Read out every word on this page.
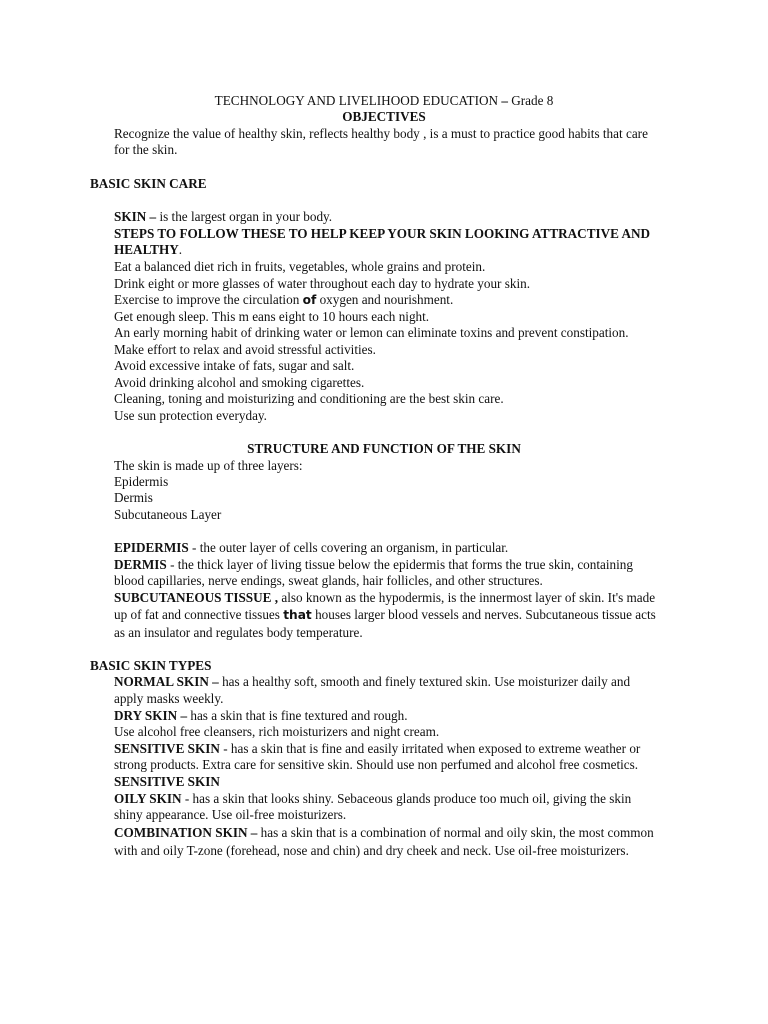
TECHNOLOGY AND LIVELIHOOD EDUCATION – Grade 8
OBJECTIVES
Recognize the value of healthy skin, reflects healthy body , is a must to practice good habits that care
for the skin.
BASIC SKIN CARE
SKIN – is the largest organ in your body.
STEPS TO FOLLOW THESE TO HELP KEEP YOUR SKIN LOOKING ATTRACTIVE AND
HEALTHY.
Eat a balanced diet rich in fruits, vegetables, whole grains and protein.
Drink eight or more glasses of water throughout each day to hydrate your skin.
Exercise to improve the circulation of oxygen and nourishment.
Get enough sleep. This m eans eight to 10 hours each night.
An early morning habit of drinking water or lemon can eliminate toxins and prevent constipation.
Make effort to relax and avoid stressful activities.
Avoid excessive intake of fats, sugar and salt.
Avoid drinking alcohol and smoking cigarettes.
Cleaning, toning and moisturizing and conditioning are the best skin care.
Use sun protection everyday.
STRUCTURE AND FUNCTION OF THE SKIN
The skin is made up of three layers:
Epidermis
Dermis
Subcutaneous Layer
EPIDERMIS - the outer layer of cells covering an organism, in particular.
DERMIS - the thick layer of living tissue below the epidermis that forms the true skin, containing
blood capillaries, nerve endings, sweat glands, hair follicles, and other structures.
SUBCUTANEOUS TISSUE , also known as the hypodermis, is the innermost layer of skin. It's made
up of fat and connective tissues that houses larger blood vessels and nerves. Subcutaneous tissue acts
as an insulator and regulates body temperature.
BASIC SKIN TYPES
NORMAL SKIN – has a healthy soft, smooth and finely textured skin. Use moisturizer daily and
apply masks weekly.
DRY SKIN – has a skin that is fine textured and rough.
Use alcohol free cleansers, rich moisturizers and night cream.
SENSITIVE SKIN - has a skin that is fine and easily irritated when exposed to extreme weather or
strong products. Extra care for sensitive skin. Should use non perfumed and alcohol free cosmetics.
SENSITIVE SKIN
OILY SKIN - has a skin that looks shiny. Sebaceous glands produce too much oil, giving the skin
shiny appearance. Use oil-free moisturizers.
COMBINATION SKIN – has a skin that is a combination of normal and oily skin, the most common
with and oily T-zone (forehead, nose and chin) and dry cheek and neck. Use oil-free moisturizers.
